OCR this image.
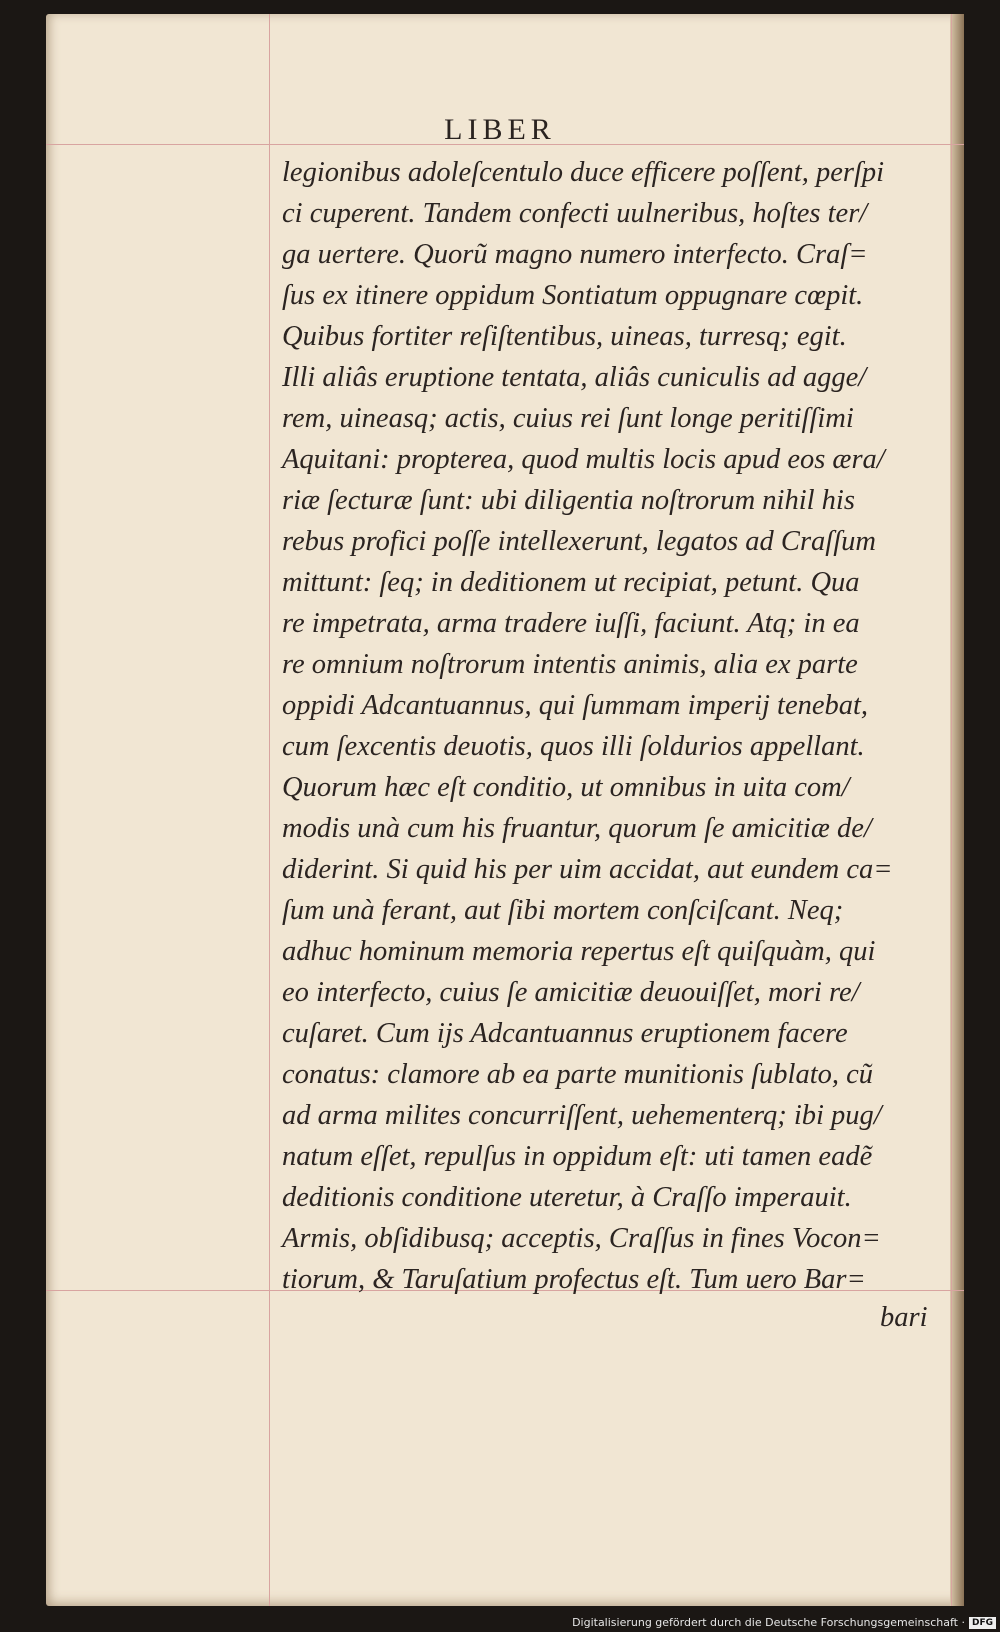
LIBER
legionibus adoleſcentulo duce efficere poſſent, perſpi
ci cuperent. Tandem confecti uulneribus, hoſtes ter/
ga uertere. Quorũ magno numero interfecto. Craſ=
ſus ex itinere oppidum Sontiatum oppugnare cœpit.
Quibus fortiter reſiſtentibus, uineas, turresq; egit.
Illi aliâs eruptione tentata, aliâs cuniculis ad agge/
rem, uineasq; actis, cuius rei ſunt longe peritiſſimi
Aquitani: propterea, quod multis locis apud eos æra/
riæ ſecturæ ſunt: ubi diligentia noſtrorum nihil his
rebus profici poſſe intellexerunt, legatos ad Craſſum
mittunt: ſeq; in deditionem ut recipiat, petunt. Qua
re impetrata, arma tradere iuſſi, faciunt. Atq; in ea
re omnium noſtrorum intentis animis, alia ex parte
oppidi Adcantuannus, qui ſummam imperij tenebat,
cum ſexcentis deuotis, quos illi ſoldurios appellant.
Quorum hæc eſt conditio, ut omnibus in uita com/
modis unà cum his fruantur, quorum ſe amicitiæ de/
diderint. Si quid his per uim accidat, aut eundem ca=
ſum unà ferant, aut ſibi mortem conſciſcant. Neq;
adhuc hominum memoria repertus eſt quiſquàm, qui
eo interfecto, cuius ſe amicitiæ deuouiſſet, mori re/
cuſaret. Cum ijs Adcantuannus eruptionem facere
conatus: clamore ab ea parte munitionis ſublato, cũ
ad arma milites concurriſſent, uehementerq; ibi pug/
natum eſſet, repulſus in oppidum eſt: uti tamen eadẽ
deditionis conditione uteretur, à Craſſo imperauit.
Armis, obſidibusq; acceptis, Craſſus in fines Vocon=
tiorum, & Taruſatium profectus eſt. Tum uero Bar=
bari
Digitalisierung gefördert durch die Deutsche Forschungsgemeinschaft · DFG
